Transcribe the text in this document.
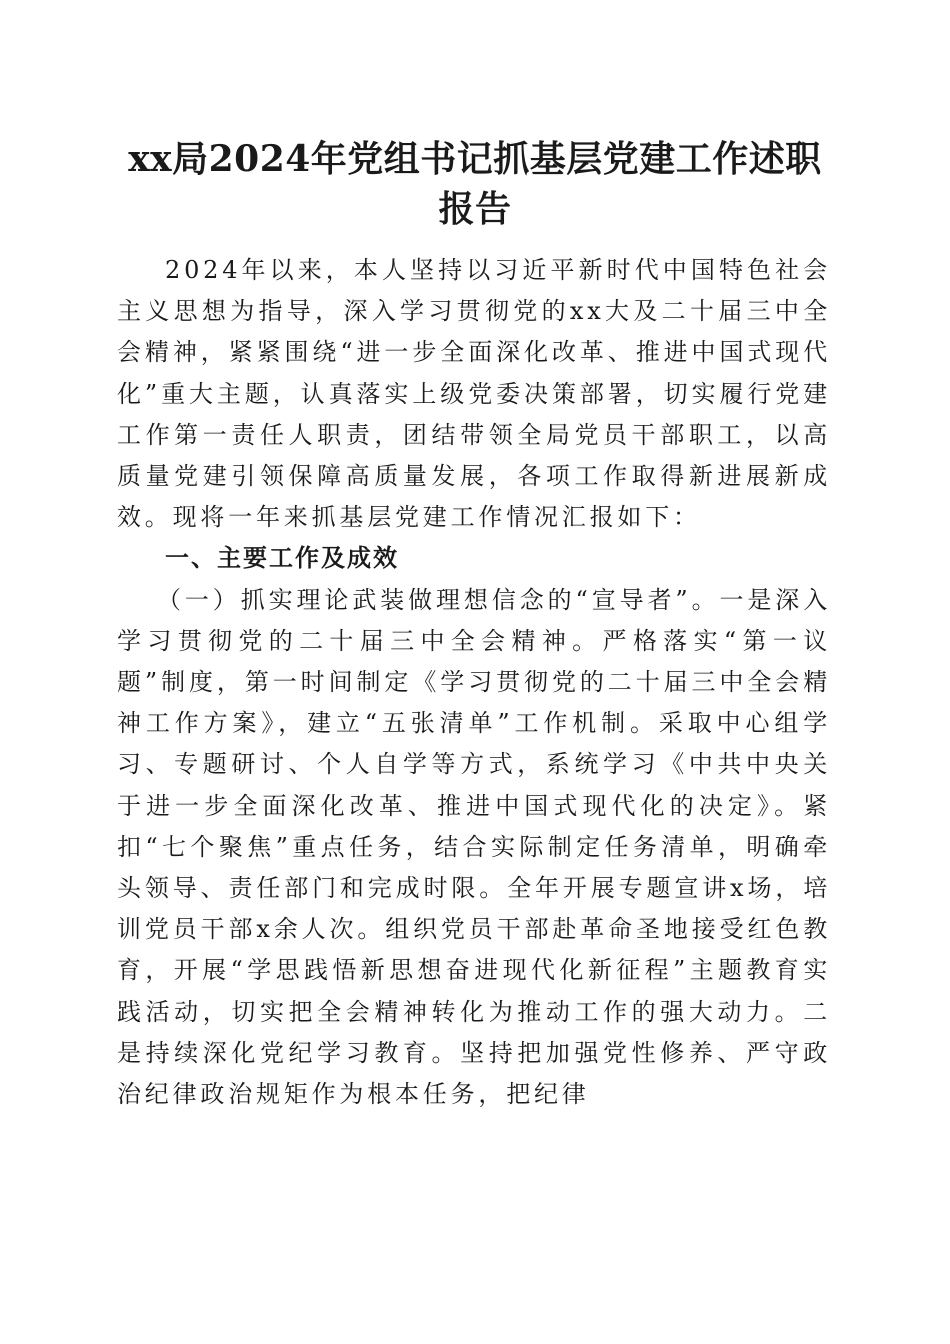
xx局2024年党组书记抓基层党建工作述职报告

2024年以来，本人坚持以习近平新时代中国特色社会主义思想为指导，深入学习贯彻党的xx大及二十届三中全会精神，紧紧围绕“进一步全面深化改革、推进中国式现代化”重大主题，认真落实上级党委决策部署，切实履行党建工作第一责任人职责，团结带领全局党员干部职工，以高质量党建引领保障高质量发展，各项工作取得新进展新成效。现将一年来抓基层党建工作情况汇报如下：

一、主要工作及成效

（一）抓实理论武装做理想信念的“宣导者”。一是深入学习贯彻党的二十届三中全会精神。严格落实“第一议题”制度，第一时间制定《学习贯彻党的二十届三中全会精神工作方案》，建立“五张清单”工作机制。采取中心组学习、专题研讨、个人自学等方式，系统学习《中共中央关于进一步全面深化改革、推进中国式现代化的决定》。紧扣“七个聚焦”重点任务，结合实际制定任务清单，明确牵头领导、责任部门和完成时限。全年开展专题宣讲x场，培训党员干部x余人次。组织党员干部赴革命圣地接受红色教育，开展“学思践悟新思想奋进现代化新征程”主题教育实践活动，切实把全会精神转化为推动工作的强大动力。二是持续深化党纪学习教育。坚持把加强党性修养、严守政治纪律政治规矩作为根本任务，把纪律
